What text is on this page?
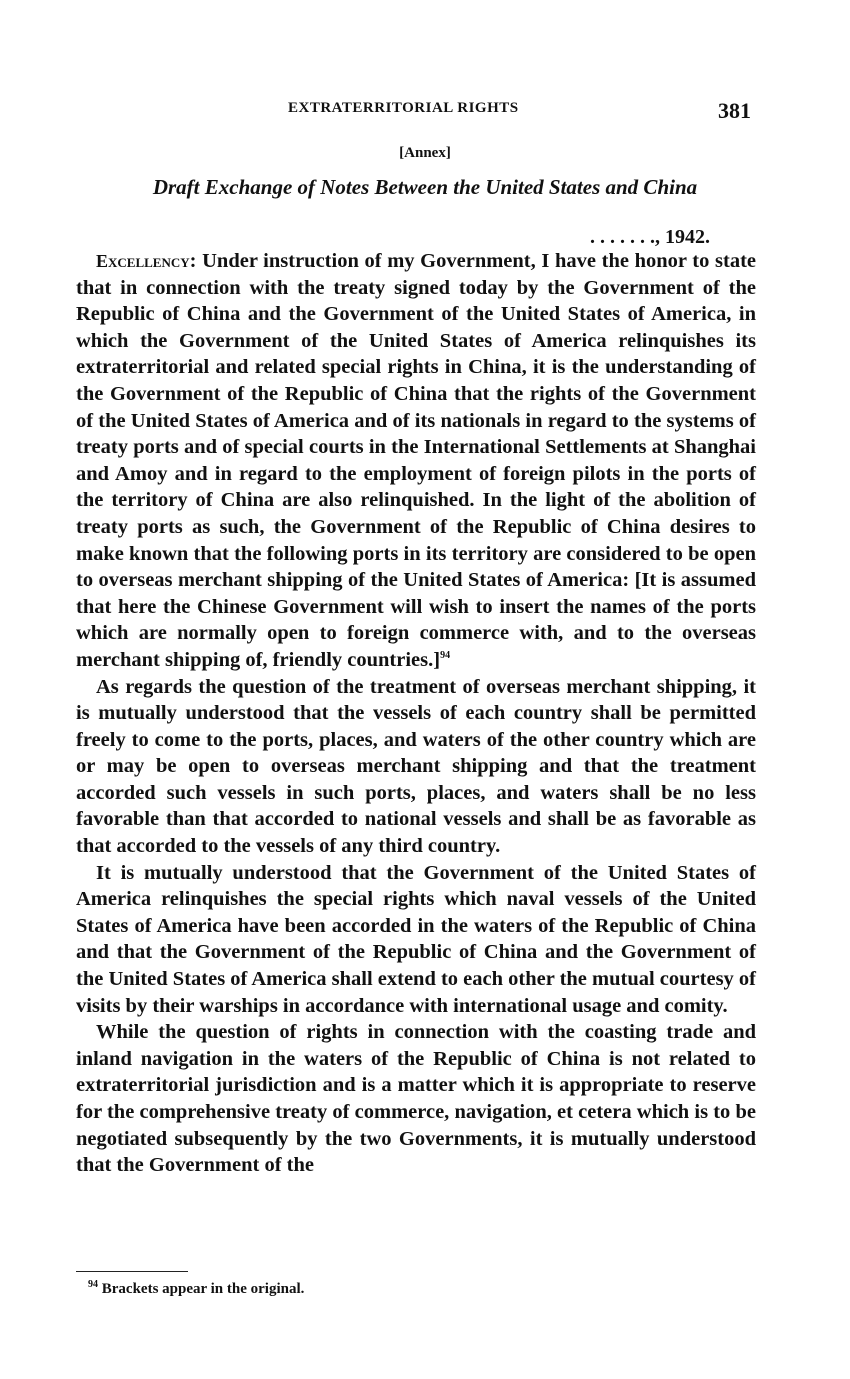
EXTRATERRITORIAL RIGHTS	381
[Annex]
Draft Exchange of Notes Between the United States and China
. . . . . . ., 1942.

Excellency: Under instruction of my Government, I have the honor to state that in connection with the treaty signed today by the Government of the Republic of China and the Government of the United States of America, in which the Government of the United States of America relinquishes its extraterritorial and related special rights in China, it is the understanding of the Government of the Republic of China that the rights of the Government of the United States of America and of its nationals in regard to the systems of treaty ports and of special courts in the International Settlements at Shanghai and Amoy and in regard to the employment of foreign pilots in the ports of the territory of China are also relinquished. In the light of the abolition of treaty ports as such, the Government of the Republic of China desires to make known that the following ports in its territory are considered to be open to overseas merchant shipping of the United States of America: [It is assumed that here the Chinese Government will wish to insert the names of the ports which are normally open to foreign commerce with, and to the overseas merchant shipping of, friendly countries.]$^{94}$

As regards the question of the treatment of overseas merchant shipping, it is mutually understood that the vessels of each country shall be permitted freely to come to the ports, places, and waters of the other country which are or may be open to overseas merchant shipping and that the treatment accorded such vessels in such ports, places, and waters shall be no less favorable than that accorded to national vessels and shall be as favorable as that accorded to the vessels of any third country.

It is mutually understood that the Government of the United States of America relinquishes the special rights which naval vessels of the United States of America have been accorded in the waters of the Republic of China and that the Government of the Republic of China and the Government of the United States of America shall extend to each other the mutual courtesy of visits by their warships in accordance with international usage and comity.

While the question of rights in connection with the coasting trade and inland navigation in the waters of the Republic of China is not related to extraterritorial jurisdiction and is a matter which it is appropriate to reserve for the comprehensive treaty of commerce, navigation, et cetera which is to be negotiated subsequently by the two Governments, it is mutually understood that the Government of the

$^{94}$ Brackets appear in the original.
